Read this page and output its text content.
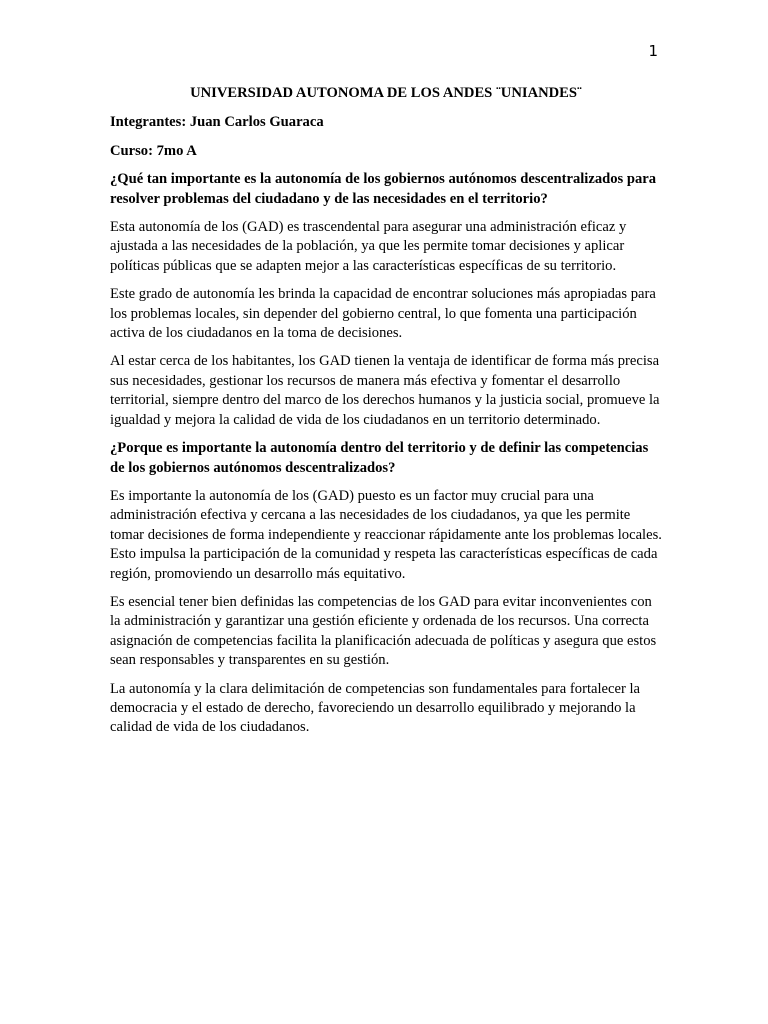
1

UNIVERSIDAD AUTONOMA DE LOS ANDES ¨UNIANDES¨

Integrantes: Juan Carlos Guaraca

Curso: 7mo A

¿Qué tan importante es la autonomía de los gobiernos autónomos descentralizados para resolver problemas del ciudadano y de las necesidades en el territorio?

Esta autonomía de los (GAD) es trascendental para asegurar una administración eficaz y ajustada a las necesidades de la población, ya que les permite tomar decisiones y aplicar políticas públicas que se adapten mejor a las características específicas de su territorio.

Este grado de autonomía les brinda la capacidad de encontrar soluciones más apropiadas para los problemas locales, sin depender del gobierno central, lo que fomenta una participación activa de los ciudadanos en la toma de decisiones.

Al estar cerca de los habitantes, los GAD tienen la ventaja de identificar de forma más precisa sus necesidades, gestionar los recursos de manera más efectiva y fomentar el desarrollo territorial, siempre dentro del marco de los derechos humanos y la justicia social, promueve la igualdad y mejora la calidad de vida de los ciudadanos en un territorio determinado.

¿Porque es importante la autonomía dentro del territorio y de definir las competencias de los gobiernos autónomos descentralizados?

Es importante la autonomía de los (GAD) puesto es un factor muy crucial para una administración efectiva y cercana a las necesidades de los ciudadanos, ya que les permite tomar decisiones de forma independiente y reaccionar rápidamente ante los problemas locales. Esto impulsa la participación de la comunidad y respeta las características específicas de cada región, promoviendo un desarrollo más equitativo.

Es esencial tener bien definidas las competencias de los GAD para evitar inconvenientes con la administración y garantizar una gestión eficiente y ordenada de los recursos. Una correcta asignación de competencias facilita la planificación adecuada de políticas y asegura que estos sean responsables y transparentes en su gestión.

La autonomía y la clara delimitación de competencias son fundamentales para fortalecer la democracia y el estado de derecho, favoreciendo un desarrollo equilibrado y mejorando la calidad de vida de los ciudadanos.
